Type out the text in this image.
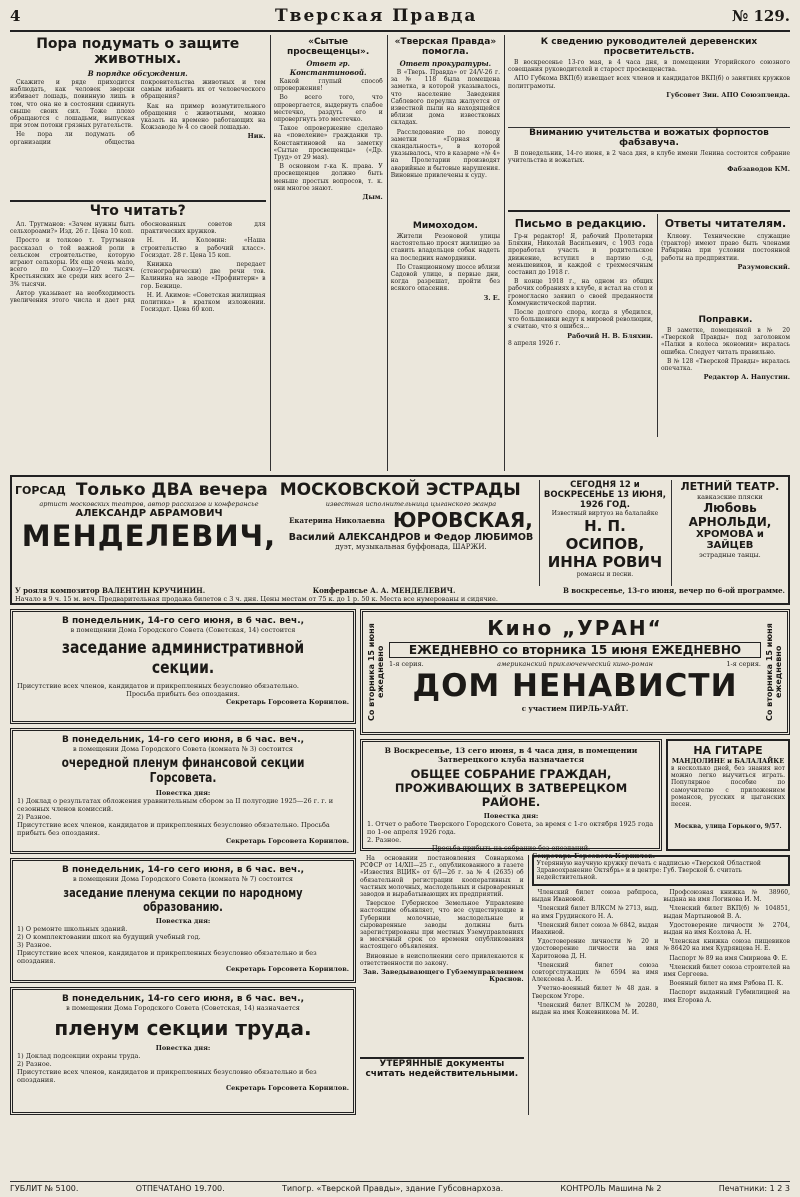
4	Тверская Правда	№ 129.
Пора подумать о защите животных.
В порядке обсуждения.

Скажите и ряде приходится наблюдать, как человек зверски избивает лошадь, повинную лишь в том, что она не в состоянии сдвинуть свыше своих сил. Тоже плохо обращаются с лошадьми, выпуская при этом потоки грязных ругательств.

Не пора ли подумать об организации общества покровительства животных и тем самым избавить их от человеческого обращения?

Как на пример возмутительного обращения с животными, можно указать на времено работающих на Кожзаводе № 4 со своей лошадью.

Ник.
Что читать?

Ал. Тругманов: «Зачем нужны быть сельхороами?» Изд. 26 г. Цена 10 коп.

Просто и толково т. Тругманов рассказал о той важной роли в сельском строительстве, которую играют сельхоры. Их еще очень мало, всего по Союзу—120 тысяч. Крестьянских же среди них всего 2—3% тысячи.

Автор указывает на необходимость увеличения этого числа и дает ряд обоснованных советов для практических кружков.

Н. И. Коломин: «Наша строительство в рабочий класс». Госиздат. 28 г. Цена 15 коп.

Книжка передает (стенографически) две речи тов. Калинина на заводе «Профинтерн» в гор. Бежице.

Н. И. Акимов: «Советская жилищная политика» в кратком изложении. Госиздат. Цена 60 коп.

«Сытые просвещенцы».
Ответ гр. Константиновой.

Какой глупый способ опровержения!

Во всего того, что опровергается, выдернуть слабое местечко, раздуть его и опровергнуть это местечко.

Такое опровержение сделано на «повеление» гражданки тр. Константиновой на заметку «Сытые просвещенцы» («Др. Труд» от 29 мая).

В основном г-ка К. права. У просвещенцев должно быть меньше простых вопросов, т. к. они многое знают.

Дым.
«Тверская Правда» помогла.
Ответ прокуратуры.

В «Тверь. Правда» от 24/V-26 г. за № 118 была помещена заметка, в которой указывалось, что население Заведения Саблевого переулка жалуется от известной пыли на находящейся вблизи дома известковых складах.

Расследование по поводу заметки «Горная и скандальность», в которой указывалось, что в казарме «№ 4» на Пролетарии производят аварийные и бытовые нарушения. Виновные привлечены к суду.

Мимоходом.

Жители Резоновой улицы настоятельно просят жилищно за ставить владельцев собак надеть на последних намордники.

По Станционному шоссе вблизи Садовой улице, в первые дни, когда разрешат, пройти без всякого опасения.

З. Е.
К сведению руководителей деревенских просветительств.

В воскресенье 13-го мая, в 4 часа дня, в помещении Угорийского союзного совещания руководителей и старост просвещенства.

АПО Губкома ВКП(б) извещает всех членов и кандидатов ВКП(б) о занятиях кружков политграмоты.

Губсовет Зин. АПО Союзпленда.
Вниманию учительства и вожатых форпостов фабзавуча.

В понедельник, 14-го июня, в 2 часа дня, в клубе имени Ленина состоится собрание учительства и вожатых.

Фабзаводов КМ.
Письмо в редакцию.

Гр-н редактор! Я, рабочий Пролетарки Бляхин, Николай Васильевич, с 1903 года проработал участь и родительское движение, вступил в партию с-д, меньшевиков, и каждой с трехмесячным составил до 1918 г.

В конце 1918 г., на одном из общих рабочих собраниях в клубе, я встал на стол и громогласно заявил о своей преданности Коммунистической партии.

После долгого спора, когда я убедился, что большевики ведут к мировой революции, я считаю, что я ошибся...

Рабочий Н. В. Бляхин.
8 апреля 1926 г.
Ответы читателям.

Кляову. Технические служащие (трактор) имеют право быть членами Рабкрина при условии постоянной работы на предприятии.

Разумовский.
Поправки.

В заметке, помещенной в № 20 «Тверской Правды» под заголовком «Палки в колеса экономии» вкралась ошибка. Следует читать правильно.

В № 128 «Тверской Правды» вкралась опечатка.

Редактор А. Напустин.
ГОРСАД Только ДВА вечера МОСКОВСКОЙ ЭСТРАДЫ
артист московских театров, автор рассказов и конферансье
АЛЕКСАНДР АБРАМОВИЧ
МЕНДЕЛЕВИЧ,
известная исполнительница цыганского жанра
Екатерина Николаевна ЮРОВСКАЯ,
Василий АЛЕКСАНДРОВ и Федор ЛЮБИМОВ
дуэт, музыкальная буффонада, ШАРЖИ.
СЕГОДНЯ 12 и ВОСКРЕСЕНЬЕ 13 ИЮНЯ, 1926 ГОД.
Известный виртуоз на балалайке
Н. П. ОСИПОВ,
ИННА РОВИЧ
романсы и песни.
ЛЕТНИЙ ТЕАТР.
кавказские пляски
Любовь АРНОЛЬДИ,
ХРОМОВА и ЗАЙЦЕВ
эстрадные танцы.
У рояля композитор ВАЛЕНТИН КРУЧИНИН.	Конферансье А. А. МЕНДЕЛЕВИЧ.	В воскресенье, 13-го июня, вечер по 6-ой программе.
Начало в 9 ч. 15 м. веч. Предварительная продажа билетов с 3 ч. дня. Цены местам от 75 к. до 1 р. 50 к. Места все нумерованы и сидячие.
В понедельник, 14-го сего июня, в 6 час. веч.,
в помещении Дома Городского Совета (Советская, 14) состоится
заседание административной секции.
Присутствие всех членов, кандидатов и прикрепленных безусловно обязательно.
Просьба прибыть без опоздания.
Секретарь Горсовета Корнилов.
В понедельник, 14-го сего июня, в 6 час. веч.,
в помещении Дома Городского Совета (комната № 3) состоится
очередной пленум финансовой секции Горсовета.
Повестка дня:
1) Доклад о результатах обложения уравнительным сбором за II полугодие 1925—26 г. г. и сезонных членов комиссий.
2) Разное.
Присутствие всех членов, кандидатов и прикрепленных безусловно обязательно. Просьба прибыть без опоздания.
Секретарь Горсовета Корнилов.
В понедельник, 14-го сего июня, в 6 час. веч.,
в помещении Дома Городского Совета (комната № 7) состоится
заседание пленума секции по народному образованию.
Повестка дня:
1) О ремонте школьных зданий.
2) О комплектовании школ на будущий учебный год.
3) Разное.
Присутствие всех членов, кандидатов и прикрепленных безусловно обязательно и без опоздания.
Секретарь Горсовета Корнилов.
В понедельник, 14-го сего июня, в 6 час. веч.,
в помещении Дома Городского Совета (Советская, 14) назначается
пленум секции труда.
Повестка дня:
1) Доклад подсекции охраны труда.
2) Разное.
Присутствие всех членов, кандидатов и прикрепленных безусловно обязательно и без опоздания.
Секретарь Горсовета Корнилов.
Со вторника 15 июня ежедневно
Кино „УРАН“
ЕЖЕДНЕВНО со вторника 15 июня ЕЖЕДНЕВНО
1-я серия.	американский приключенческий кино-роман	1-я серия.
ДОМ НЕНАВИСТИ
с участием ПИРЛЬ-УАЙТ.	Со вторника 15 июня ежедневно
В Воскресенье, 13 сего июня, в 4 часа дня, в помещении Затверецкого клуба назначается
ОБЩЕЕ СОБРАНИЕ ГРАЖДАН, ПРОЖИВАЮЩИХ В ЗАТВЕРЕЦКОМ РАЙОНЕ.
Повестка дня:
1. Отчет о работе Тверского Городского Совета, за время с 1-го октября 1925 года по 1-ое апреля 1926 года.
2. Разное.
Просьба прибыть на собрание без опозданий.
Секретарь Горсовета Корнилов.
НА ГИТАРЕ
МАНДОЛИНЕ и БАЛАЛАЙКЕ
в несколько дней, без знания нот можно легко выучиться играть. Популярное пособие по самоучителю с приложением романсов, русских и цыганских песен.
Москва, улица Горького, 9/57.

На основании постановления Совнаркома РСФСР от 14/XII—25 г., опубликованного в газете «Известия ВЦИК» от 6/I—26 г. за № 4 (2635) об обязательной регистрации кооперативных и частных молочных, маслодельных и сыроваренных заводов и вырабатывающих их предприятий.

Тверское Губернское Земельное Управление настоящим объявляет, что все существующие в Губернии молочные, маслодельные и сыроваренные заводы должны быть зарегистрированы при местных Уземуправлениях в месячный срок со времени опубликования настоящего объявления.

Виновные в неисполнении сего привлекаются к ответственности по закону.

Зав. Заведывающего Губземуправлением Краснов.
УТЕРЯННЫЕ документы считать недействительными.
Утерянную научную кружку печать с надписью «Тверской Областной Здравоохранение Октябрь» и в центре: Губ. Тверской б. считать недействительной.

Членский билет союза рабпроса, выдан Ивановой.

Членский билет ВЛКСМ № 2713, выд. на имя Грудинского Н. А.

Членский билет союза № 6842, выдан Ивахиной.

Удостоверение личности № 20 и удостоверение личности на имя Харитонова Д. Н.

Членский билет союза совторгслужащих № 6594 на имя Алексеева А. И.

Учетно-военный билет № 48 дан. в Тверском Угоре.

Членский билет ВЛКСМ № 20280, выдан на имя Кожевникова М. И.

Профсоюзная книжка № 38960, выдана на имя Логинова И. М.

Членский билет ВКП(б) № 104851, выдан Мартыновой В. А.

Удостоверение личности № 2704, выдан на имя Козлова А. Н.

Членская книжка союза пищевиков № 86420 на имя Кудрявцева Н. Е.

Паспорт № 89 на имя Смирнова Ф. Е.

Членский билет союза строителей на имя Сергеева.

Военный билет на имя Рябова П. К.

Паспорт выданный Губмилицией на имя Егорова А.

ГУБЛИТ № 5100.	ОТПЕЧАТАНО 19.700.	Типогр. «Тверской Правды», здание Губсовнархоза.	КОНТРОЛЬ Машина № 2	Печатники: 1 2 3
